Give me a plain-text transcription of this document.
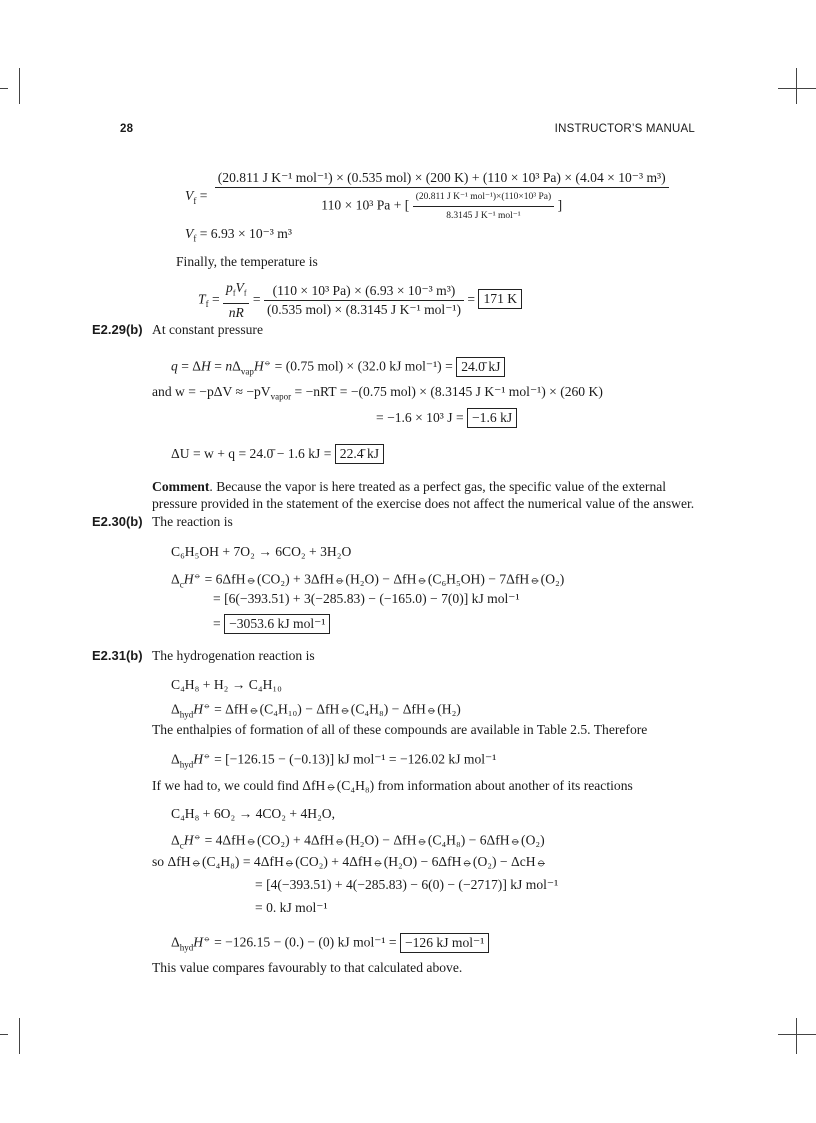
28	INSTRUCTOR’S MANUAL
$V_f$ =
(20.811 J K⁻¹ mol⁻¹) × (0.535 mol) × (200 K) + (110 × 10³ Pa) × (4.04 × 10⁻³ m³)
110 × 10³ Pa + [ $\frac{\text{(20.811 J K⁻¹ mol⁻¹)×(110×10³ Pa)}}{\text{8.3145 J K⁻¹ mol⁻¹}}$ ]
$V_f = 6.93 \times 10^{-3}$ m³
Finally, the temperature is
$T_f = \frac{p_fV_f}{nR} = \frac{\text{(110 × 10³ Pa) × (6.93 × 10⁻³ m³)}}{\text{(0.535 mol) × (8.3145 J K⁻¹ mol⁻¹)}} = 171$ K
E2.29(b) At constant pressure
$q = \Delta H = n\Delta_{vap}H^⦵ = (0.75$ mol) × (32.0 kJ mol⁻¹) = 24.0̄ kJ
and $w = -p\Delta V \approx -pV_{vapor} = -nRT = -(0.75$ mol) × (8.3145 J K⁻¹ mol⁻¹) × (260 K)
= −1.6 × 10³ J = −1.6 kJ
ΔU = w + q = 24.0̄ − 1.6 kJ = 22.4̄ kJ
Comment. Because the vapor is here treated as a perfect gas, the specific value of the external
pressure provided in the statement of the exercise does not affect the numerical value of the answer.
E2.30(b) The reaction is
C₆H₅OH + 7O₂ → 6CO₂ + 3H₂O
$\Delta_cH^⦵$ = 6ΔfH⦵(CO₂) + 3ΔfH⦵(H₂O) − ΔfH⦵(C₆H₅OH) − 7ΔfH⦵(O₂)
= [6(−393.51) + 3(−285.83) − (−165.0) − 7(0)] kJ mol⁻¹
= −3053.6 kJ mol⁻¹
E2.31(b) The hydrogenation reaction is
C₄H₈ + H₂ → C₄H₁₀
$\Delta_{hyd}H^⦵$ = ΔfH⦵(C₄H₁₀) − ΔfH⦵(C₄H₈) − ΔfH⦵(H₂)
The enthalpies of formation of all of these compounds are available in Table 2.5. Therefore
$\Delta_{hyd}H^⦵ = [-126.15 - (-0.13)]$ kJ mol⁻¹ = −126.02 kJ mol⁻¹
If we had to, we could find ΔfH⦵(C₄H₈) from information about another of its reactions
C₄H₈ + 6O₂ → 4CO₂ + 4H₂O,
$\Delta_cH^⦵$ = 4ΔfH⦵(CO₂) + 4ΔfH⦵(H₂O) − ΔfH⦵(C₄H₈) − 6ΔfH⦵(O₂)
so ΔfH⦵(C₄H₈) = 4ΔfH⦵(CO₂) + 4ΔfH⦵(H₂O) − 6ΔfH⦵(O₂) − ΔcH⦵
= [4(−393.51) + 4(−285.83) − 6(0) − (−2717)] kJ mol⁻¹
= 0. kJ mol⁻¹
$\Delta_{hyd}H^⦵ = -126.15 - (0.) - (0)$ kJ mol⁻¹ = −126 kJ mol⁻¹
This value compares favourably to that calculated above.
